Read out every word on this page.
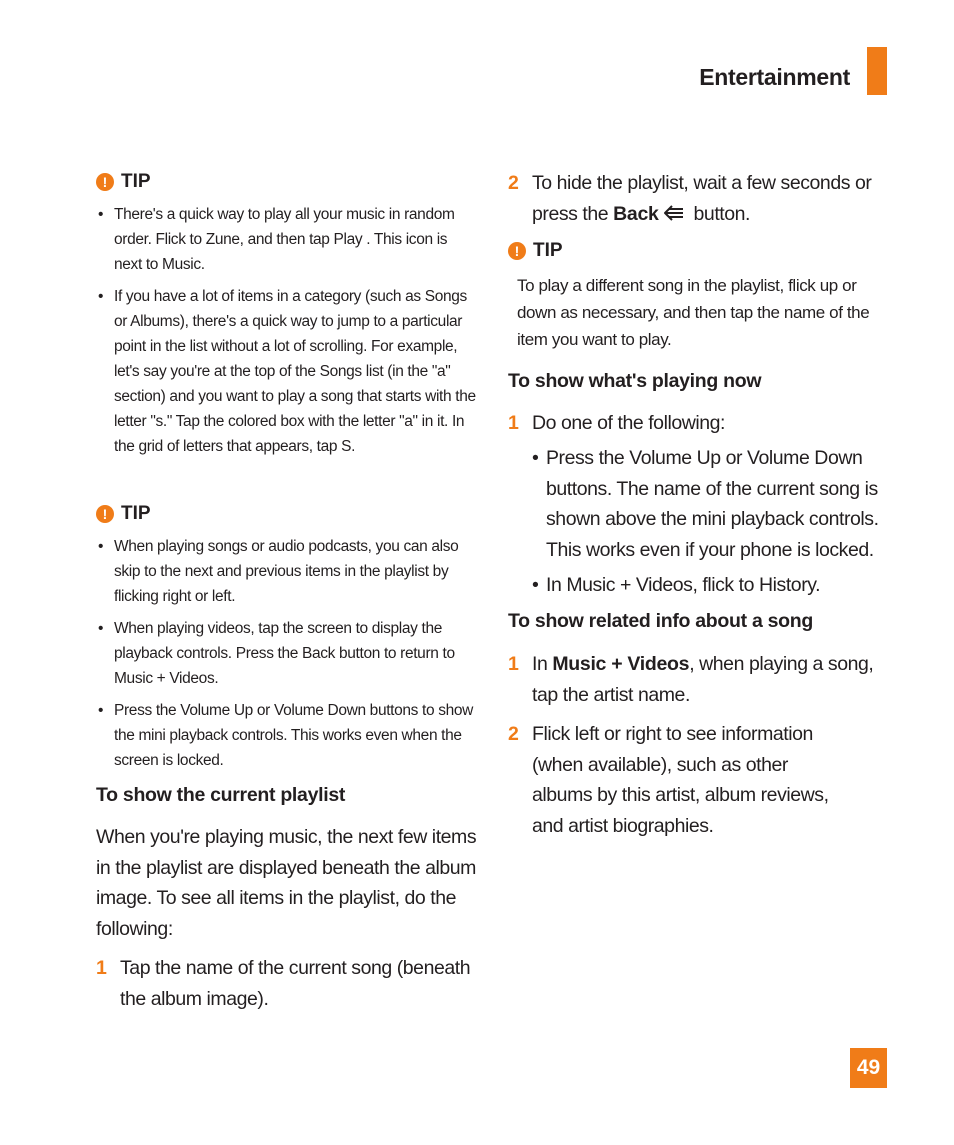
Entertainment
! TIP
• There's a quick way to play all your music in random order. Flick to Zune, and then tap Play . This icon is next to Music.
• If you have a lot of items in a category (such as Songs or Albums), there's a quick way to jump to a particular point in the list without a lot of scrolling. For example, let's say you're at the top of the Songs list (in the "a" section) and you want to play a song that starts with the letter "s." Tap the colored box with the letter "a" in it. In the grid of letters that appears, tap S.
! TIP
• When playing songs or audio podcasts, you can also skip to the next and previous items in the playlist by flicking right or left.
• When playing videos, tap the screen to display the playback controls. Press the Back button to return to Music + Videos.
• Press the Volume Up or Volume Down buttons to show the mini playback controls. This works even when the screen is locked.
To show the current playlist

When you're playing music, the next few items in the playlist are displayed beneath the album image. To see all items in the playlist, do the following:

1 Tap the name of the current song (beneath the album image).
2 To hide the playlist, wait a few seconds or press the Back button.
! TIP

To play a different song in the playlist, flick up or down as necessary, and then tap the name of the item you want to play.

To show what's playing now
1 Do one of the following:
• Press the Volume Up or Volume Down buttons. The name of the current song is shown above the mini playback controls. This works even if your phone is locked.
• In Music + Videos, flick to History.
To show related info about a song
1 In Music + Videos, when playing a song, tap the artist name.
2 Flick left or right to see information (when available), such as other albums by this artist, album reviews, and artist biographies.
49
